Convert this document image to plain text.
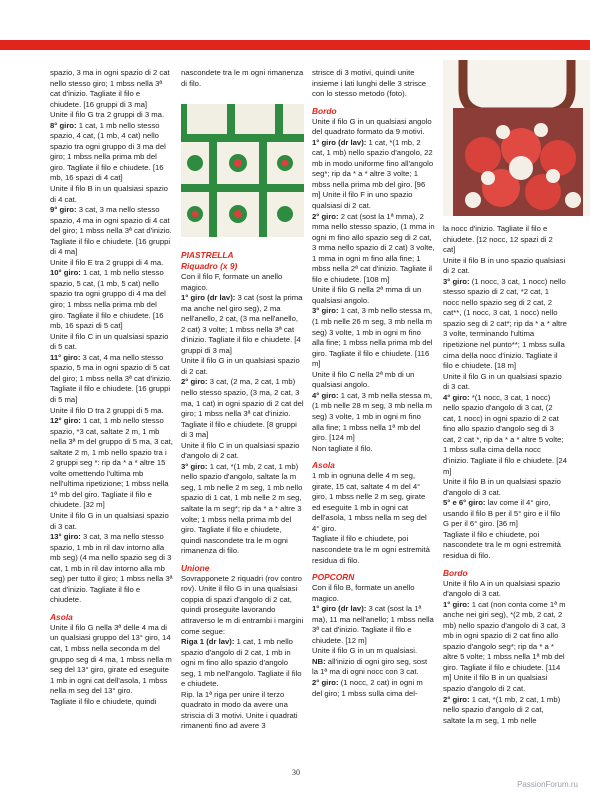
spazio, 3 ma in ogni spazio di 2 cat nello stesso giro; 1 mbss nella 3ª cat d'inizio. Tagliate il filo e chiudete. [16 gruppi di 3 ma]

Unite il filo G tra 2 gruppi di 3 ma.

8° giro: 1 cat, 1 mb nello stesso spazio, 4 cat, (1 mb, 4 cat) nello spazio tra ogni gruppo di 3 ma del giro; 1 mbss nella prima mb del giro. Tagliate il filo e chiudete. [16 mb, 16 spazi di 4 cat]

Unite il filo B in un qualsiasi spazio di 4 cat.

9° giro: 3 cat, 3 ma nello stesso spazio, 4 ma in ogni spazio di 4 cat del giro; 1 mbss nella 3ª cat d'inizio. Tagliate il filo e chiudete. [16 gruppi di 4 ma]

Unite il filo E tra 2 gruppi di 4 ma.

10° giro: 1 cat, 1 mb nello stesso spazio, 5 cat, (1 mb, 5 cat) nello spazio tra ogni gruppo di 4 ma del giro; 1 mbss nella prima mb del giro. Tagliate il filo e chiudete. [16 mb, 16 spazi di 5 cat]

Unite il filo C in un qualsiasi spazio di 5 cat.

11° giro: 3 cat, 4 ma nello stesso spazio, 5 ma in ogni spazio di 5 cat del giro; 1 mbss nella 3ª cat d'inizio. Tagliate il filo e chiudete. [16 gruppi di 5 ma]

Unite il filo D tra 2 gruppi di 5 ma.

12° giro: 1 cat, 1 mb nello stesso spazio, *3 cat, saltate 2 m, 1 mb nella 3ª m del gruppo di 5 ma, 3 cat, saltate 2 m, 1 mb nello spazio tra i 2 gruppi seg *: rip da * a * altre 15 volte omettendo l'ultima mb nell'ultima ripetizione; 1 mbss nella 1ª mb del giro. Tagliate il filo e chiudete. [32 m]

Unite il filo G in un qualsiasi spazio di 3 cat.

13° giro: 3 cat, 3 ma nello stesso spazio, 1 mb in ril dav intorno alla mb seg) (4 ma nello spazio seg di 3 cat, 1 mb in ril dav intorno alla mb seg) per tutto il giro; 1 mbss nella 3ª cat d'inizio. Tagliate il filo e chiudete.

Asola

Unite il filo G nella 3ª delle 4 ma di un qualsiasi gruppo del 13° giro, 14 cat, 1 mbss nella seconda m del gruppo seg di 4 ma, 1 mbss nella m seg del 13° giro, girate ed eseguite 1 mb in ogni cat dell'asola, 1 mbss nella m seg del 13° giro.

Tagliate il filo e chiudete, quindi

nascondete tra le m ogni rimanenza di filo.

PIASTRELLA
Riquadro (x 9)

Con il filo F, formate un anello magico.

1° giro (dr lav): 3 cat (sost la prima ma anche nel giro seg), 2 ma nell'anello, 2 cat, (3 ma nell'anello, 2 cat) 3 volte; 1 mbss nella 3ª cat d'inizio. Tagliate il filo e chiudete. [4 gruppi di 3 ma]

Unite il filo G in un qualsiasi spazio di 2 cat.

2° giro: 3 cat, (2 ma, 2 cat, 1 mb) nello stesso spazio, (3 ma, 2 cat, 3 ma, 1 cat) in ogni spazio di 2 cat del giro; 1 mbss nella 3ª cat d'inizio. Tagliate il filo e chiudete. [8 gruppi di 3 ma]

Unite il filo C in un qualsiasi spazio d'angolo di 2 cat.

3° giro: 1 cat, *(1 mb, 2 cat, 1 mb) nello spazio d'angolo, saltate la m seg, 1 mb nelle 2 m seg, 1 mb nello spazio di 1 cat, 1 mb nelle 2 m seg, saltate la m seg*; rip da * a * altre 3 volte; 1 mbss nella prima mb del giro. Tagliate il filo e chiudete, quindi nascondete tra le m ogni rimanenza di filo.

Unione

Sovrapponete 2 riquadri (rov contro rov). Unite il filo G in una qualsiasi coppia di spazi d'angolo di 2 cat, quindi proseguite lavorando attraverso le m di entrambi i margini come segue:

Riga 1 (dr lav): 1 cat, 1 mb nello spazio d'angolo di 2 cat, 1 mb in ogni m fino allo spazio d'angolo seg, 1 mb nell'angolo. Tagliate il filo e chiudete.

Rip. la 1ª riga per unire il terzo quadrato in modo da avere una striscia di 3 motivi. Unite i quadrati rimanenti fino ad avere 3

strisce di 3 motivi, quindi unite insieme i lati lunghi delle 3 strisce con lo stesso metodo (foto).

Bordo

Unite il filo G in un qualsiasi angolo del quadrato formato da 9 motivi.

1° giro (dr lav): 1 cat, *(1 mb, 2 cat, 1 mb) nello spazio d'angolo, 22 mb in modo uniforme fino all'angolo seg*; rip da * a * altre 3 volte; 1 mbss nella prima mb del giro. [96 m] Unite il filo F in uno spazio qualsiasi di 2 cat.

2° giro: 2 cat (sost la 1ª mma), 2 mma nello stesso spazio, (1 mma in ogni m fino allo spazio seg di 2 cat, 3 mma nello spazio di 2 cat) 3 volte, 1 mma in ogni m fino alla fine; 1 mbss nella 2ª cat d'inizio. Tagliate il filo e chiudete. [108 m]

Unite il filo G nella 2ª mma di un qualsiasi angolo.

3° giro: 1 cat, 3 mb nello stessa m, (1 mb nelle 26 m seg, 3 mb nella m seg) 3 volte, 1 mb in ogni m fino alla fine; 1 mbss nella prima mb del giro. Tagliate il filo e chiudete. [116 m]

Unite il filo C nella 2ª mb di un qualsiasi angolo.

4° giro: 1 cat, 3 mb nella stessa m, (1 mb nelle 28 m seg, 3 mb nella m seg) 3 volte, 1 mb in ogni m fino alla fine; 1 mbss nella 1ª mb del giro. [124 m]

Non tagliate il filo.

Asola

1 mb in ognuna delle 4 m seg, girate, 15 cat, saltate 4 m del 4° giro, 1 mbss nelle 2 m seg, girate ed eseguite 1 mb in ogni cat dell'asola, 1 mbss nella m seg del 4° giro.

Tagliate il filo e chiudete, poi nascondete tra le m ogni estremità residua di filo.

POPCORN

Con il filo B, formate un anello magico.

1° giro (dr lav): 3 cat (sost la 1ª ma), 11 ma nell'anello; 1 mbss nella 3ª cat d'inizio. Tagliate il filo e chiudete. [12 m]

Unite il filo G in un m qualsiasi.

NB: all'inizio di ogni giro seg, sost la 1ª ma di ogni nocc con 3 cat.

2° giro: (1 nocc, 2 cat) in ogni m del giro; 1 mbss sulla cima del-

la nocc d'inizio. Tagliate il filo e chiudete. [12 nocc, 12 spazi di 2 cat]

Unite il filo B in uno spazio qualsiasi di 2 cat.

3° giro: (1 nocc, 3 cat, 1 nocc) nello stesso spazio di 2 cat, *2 cat, 1 nocc nello spazio seg di 2 cat, 2 cat**, (1 nocc, 3 cat, 1 nocc) nello spazio seg di 2 cat*; rip da * a * altre 3 volte, terminando l'ultima ripetizione nel punto**; 1 mbss sulla cima della nocc d'inizio. Tagliate il filo e chiudete. [18 m]

Unite il filo G in un qualsiasi spazio di 3 cat.

4° giro: *(1 nocc, 3 cat, 1 nocc) nello spazio d'angolo di 3 cat, (2 cat, 1 nocc) in ogni spazio di 2 cat fino allo spazio d'angolo seg di 3 cat, 2 cat *, rip da * a * altre 5 volte; 1 mbss sulla cima della nocc d'inizio. Tagliate il filo e chiudete. [24 m]

Unite il filo B in un qualsiasi spazio d'angolo di 3 cat.

5° e 6° giro: lav come il 4° giro, usando il filo B per il 5° giro e il filo G per il 6° giro. [36 m]

Tagliate il filo e chiudete, poi nascondete tra le m ogni estremità residua di filo.

Bordo

Unite il filo A in un qualsiasi spazio d'angolo di 3 cat.

1° giro: 1 cat (non conta come 1ª m anche nei giri seg), *(2 mb, 2 cat, 2 mb) nello spazio d'angolo di 3 cat, 3 mb in ogni spazio di 2 cat fino allo spazio d'angolo seg*; rip da * a * altre 5 volte; 1 mbss nella 1ª mb del giro. Tagliate il filo e chiudete. [114 m] Unite il filo B in un qualsiasi spazio d'angolo di 2 cat.

2° giro: 1 cat, *(1 mb, 2 cat, 1 mb) nello spazio d'angolo di 2 cat, saltate la m seg, 1 mb nelle

30
PassionForum.ru
